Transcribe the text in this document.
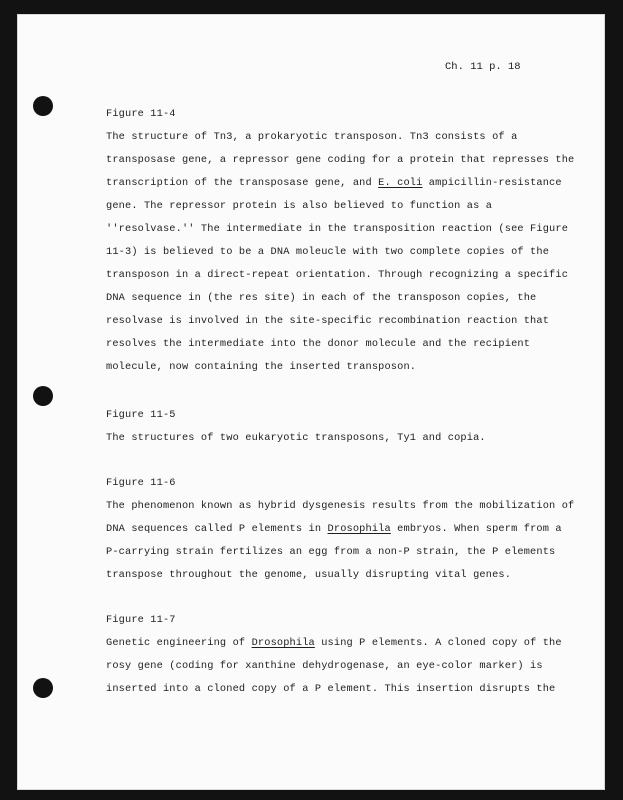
Ch. 11 p. 18
Figure 11-4
The structure of Tn3, a prokaryotic transposon. Tn3 consists of a
transposase gene, a repressor gene coding for a protein that represses the
transcription of the transposase gene, and E. coli ampicillin-resistance
gene. The repressor protein is also believed to function as a
''resolvase.'' The intermediate in the transposition reaction (see Figure
11-3) is believed to be a DNA moleucle with two complete copies of the
transposon in a direct-repeat orientation. Through recognizing a specific
DNA sequence in (the res site) in each of the transposon copies, the
resolvase is involved in the site-specific recombination reaction that
resolves the intermediate into the donor molecule and the recipient
molecule, now containing the inserted transposon.
Figure 11-5
The structures of two eukaryotic transposons, Ty1 and copia.
Figure 11-6
The phenomenon known as hybrid dysgenesis results from the mobilization of
DNA sequences called P elements in Drosophila embryos. When sperm from a
P-carrying strain fertilizes an egg from a non-P strain, the P elements
transpose throughout the genome, usually disrupting vital genes.
Figure 11-7
Genetic engineering of Drosophila using P elements. A cloned copy of the
rosy gene (coding for xanthine dehydrogenase, an eye-color marker) is
inserted into a cloned copy of a P element. This insertion disrupts the
